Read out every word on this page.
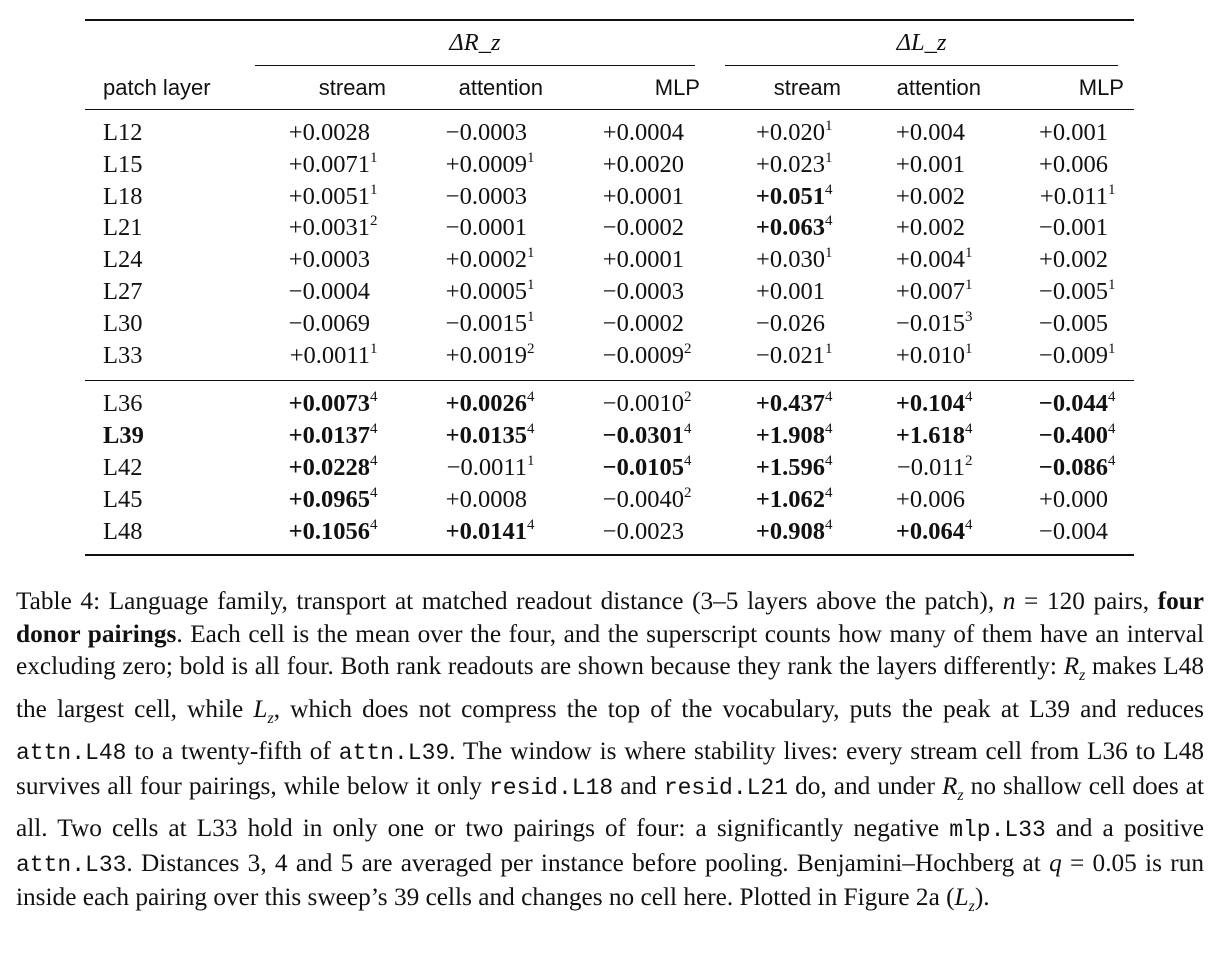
ΔR_z	ΔL_z
patch layer	stream	attention	MLP	stream	attention	MLP
L12	+0.0028	−0.0003	+0.0004	$+0.020^1$	+0.004	+0.001
L15	$+0.0071^1$	$+0.0009^1$	+0.0020	$+0.023^1$	+0.001	+0.006
L18	$+0.0051^1$	−0.0003	+0.0001	$+0.051^4$	+0.002	$+0.011^1$
L21	$+0.0031^2$	−0.0001	−0.0002	$+0.063^4$	+0.002	−0.001
L24	+0.0003	$+0.0002^1$	+0.0001	$+0.030^1$	$+0.004^1$	+0.002
L27	−0.0004	$+0.0005^1$	−0.0003	+0.001	$+0.007^1$	$-0.005^1$
L30	−0.0069	$-0.0015^1$	−0.0002	−0.026	$-0.015^3$	−0.005
L33	$+0.0011^1$	$+0.0019^2$	$-0.0009^2$	$-0.021^1$	$+0.010^1$	$-0.009^1$
L36	$+0.0073^4$	$+0.0026^4$	$-0.0010^2$	$+0.437^4$	$+0.104^4$	$-0.044^4$
L39	$+0.0137^4$	$+0.0135^4$	$-0.0301^4$	$+1.908^4$	$+1.618^4$	$-0.400^4$
L42	$+0.0228^4$	$-0.0011^1$	$-0.0105^4$	$+1.596^4$	$-0.011^2$	$-0.086^4$
L45	$+0.0965^4$	+0.0008	$-0.0040^2$	$+1.062^4$	+0.006	+0.000
L48	$+0.1056^4$	$+0.0141^4$	−0.0023	$+0.908^4$	$+0.064^4$	−0.004
Table 4: Language family, transport at matched readout distance (3–5 layers above the patch), n = 120 pairs, four donor pairings. Each cell is the mean over the four, and the superscript counts how many of them have an interval excluding zero; bold is all four. Both rank readouts are shown because they rank the layers differently: $R_z$ makes L48 the largest cell, while $L_z$, which does not compress the top of the vocabulary, puts the peak at L39 and reduces attn.L48 to a twenty-fifth of attn.L39. The window is where stability lives: every stream cell from L36 to L48 survives all four pairings, while below it only resid.L18 and resid.L21 do, and under $R_z$ no shallow cell does at all. Two cells at L33 hold in only one or two pairings of four: a significantly negative mlp.L33 and a positive attn.L33. Distances 3, 4 and 5 are averaged per instance before pooling. Benjamini–Hochberg at q = 0.05 is run inside each pairing over this sweep’s 39 cells and changes no cell here. Plotted in Figure 2a $(L_z)$.
